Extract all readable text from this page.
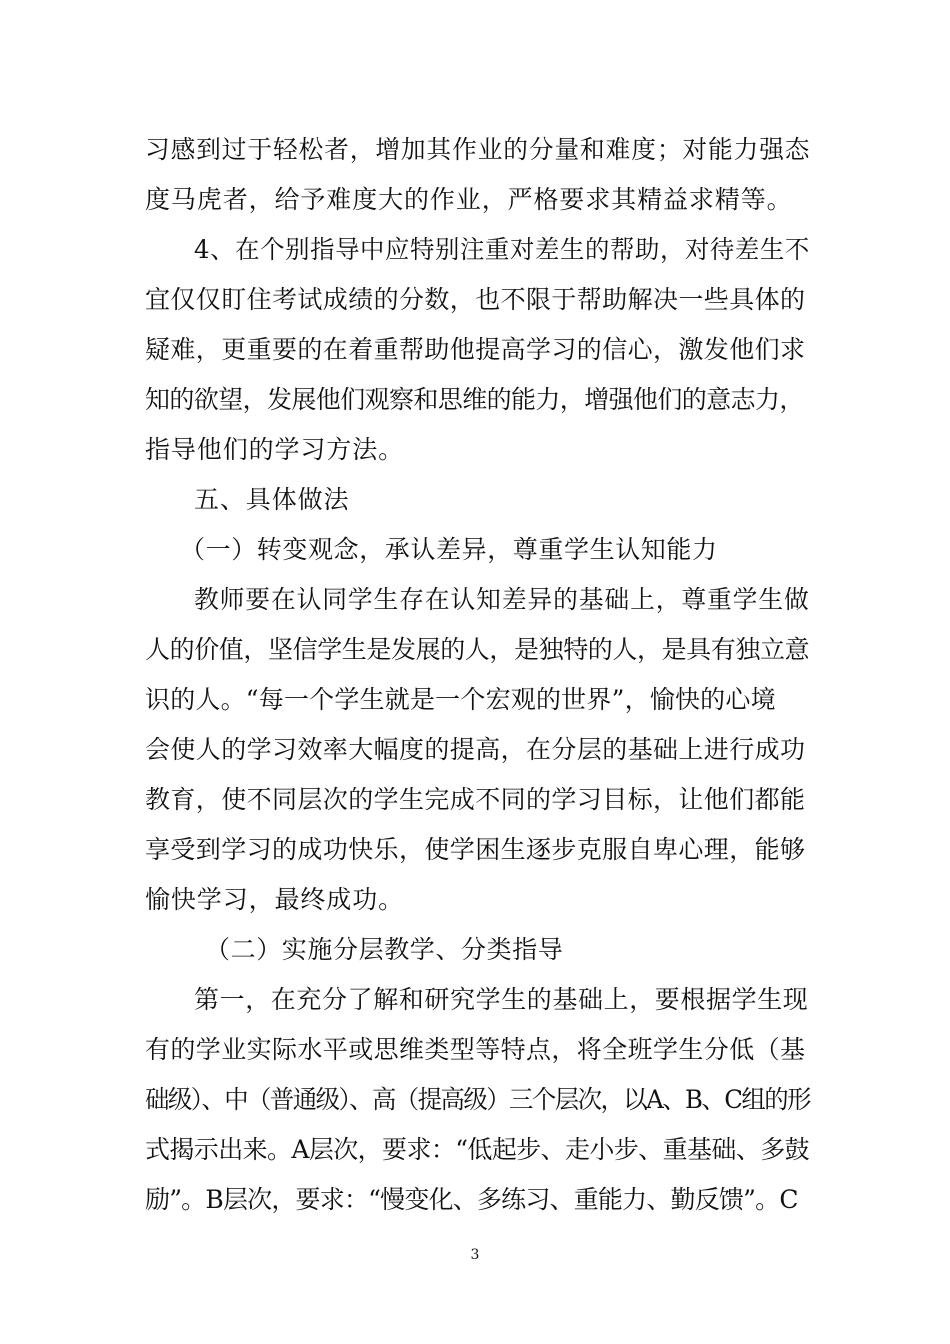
习感到过于轻松者，增加其作业的分量和难度；对能力强态
度马虎者，给予难度大的作业，严格要求其精益求精等。
4、在个别指导中应特别注重对差生的帮助，对待差生不
宜仅仅盯住考试成绩的分数，也不限于帮助解决一些具体的
疑难，更重要的在着重帮助他提高学习的信心，激发他们求
知的欲望，发展他们观察和思维的能力，增强他们的意志力，
指导他们的学习方法。
五、具体做法
（一）转变观念，承认差异，尊重学生认知能力
教师要在认同学生存在认知差异的基础上，尊重学生做
人的价值，坚信学生是发展的人，是独特的人，是具有独立意
识的人。“每一个学生就是一个宏观的世界”，愉快的心境
会使人的学习效率大幅度的提高，在分层的基础上进行成功
教育，使不同层次的学生完成不同的学习目标，让他们都能
享受到学习的成功快乐，使学困生逐步克服自卑心理，能够
愉快学习，最终成功。
（二）实施分层教学、分类指导
第一，在充分了解和研究学生的基础上，要根据学生现
有的学业实际水平或思维类型等特点，将全班学生分低（基
础级）、中（普通级）、高（提高级）三个层次，以A、B、C组的形
式揭示出来。A层次，要求：“低起步、走小步、重基础、多鼓
励”。B层次，要求：“慢变化、多练习、重能力、勤反馈”。C
3
